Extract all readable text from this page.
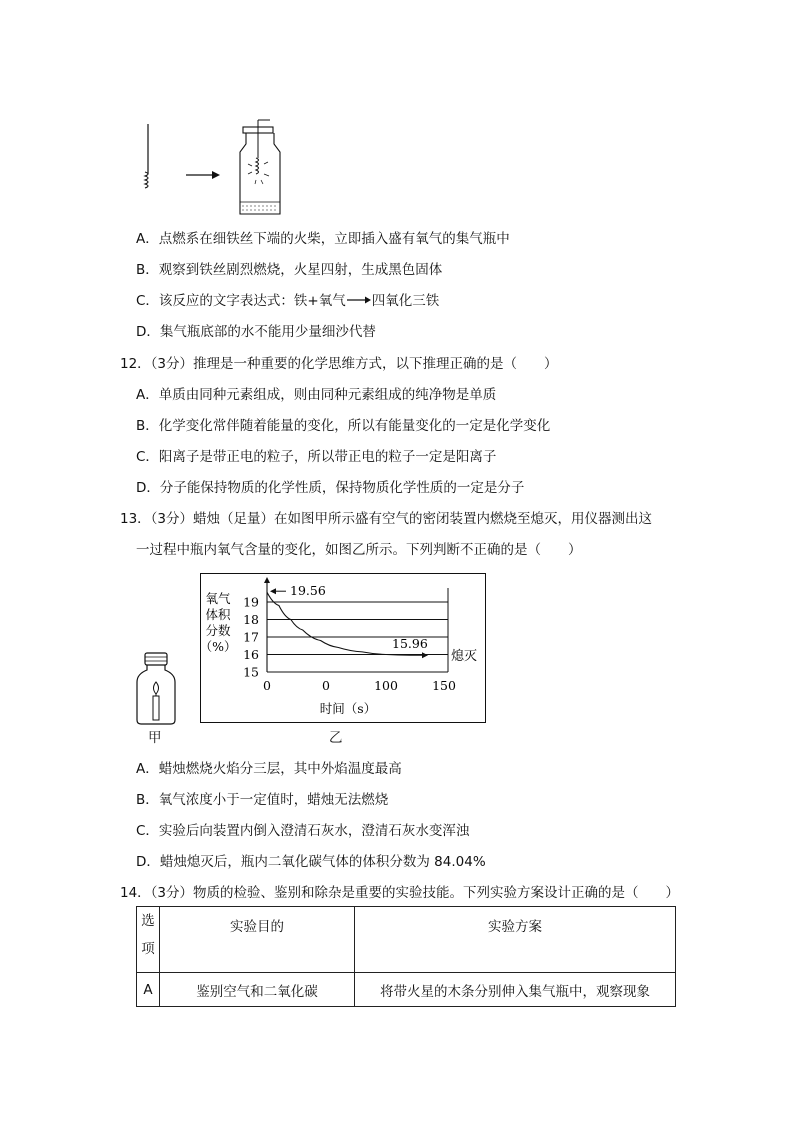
A．点燃系在细铁丝下端的火柴，立即插入盛有氧气的集气瓶中
B．观察到铁丝剧烈燃烧，火星四射，生成黑色固体
C．该反应的文字表达式：铁+氧气→四氧化三铁
D．集气瓶底部的水不能用少量细沙代替
12．（3分）推理是一种重要的化学思维方式，以下推理正确的是（　　）
A．单质由同种元素组成，则由同种元素组成的纯净物是单质
B．化学变化常伴随着能量的变化，所以有能量变化的一定是化学变化
C．阳离子是带正电的粒子，所以带正电的粒子一定是阳离子
D．分子能保持物质的化学性质，保持物质化学性质的一定是分子
13．（3分）蜡烛（足量）在如图甲所示盛有空气的密闭装置内燃烧至熄灭，用仪器测出这
一过程中瓶内氧气含量的变化，如图乙所示。下列判断不正确的是（　　）
甲
15
16
17
18
19
0	0	100	150
氧气
体积
分数
（%）
19.56
15.96
熄灭
时间（s）
乙
A．蜡烛燃烧火焰分三层，其中外焰温度最高
B．氧气浓度小于一定值时，蜡烛无法燃烧
C．实验后向装置内倒入澄清石灰水，澄清石灰水变浑浊
D．蜡烛熄灭后，瓶内二氧化碳气体的体积分数为 84.04%
14．（3分）物质的检验、鉴别和除杂是重要的实验技能。下列实验方案设计正确的是（　　）
选
项	实验目的	实验方案
A	鉴别空气和二氧化碳	将带火星的木条分别伸入集气瓶中，观察现象
